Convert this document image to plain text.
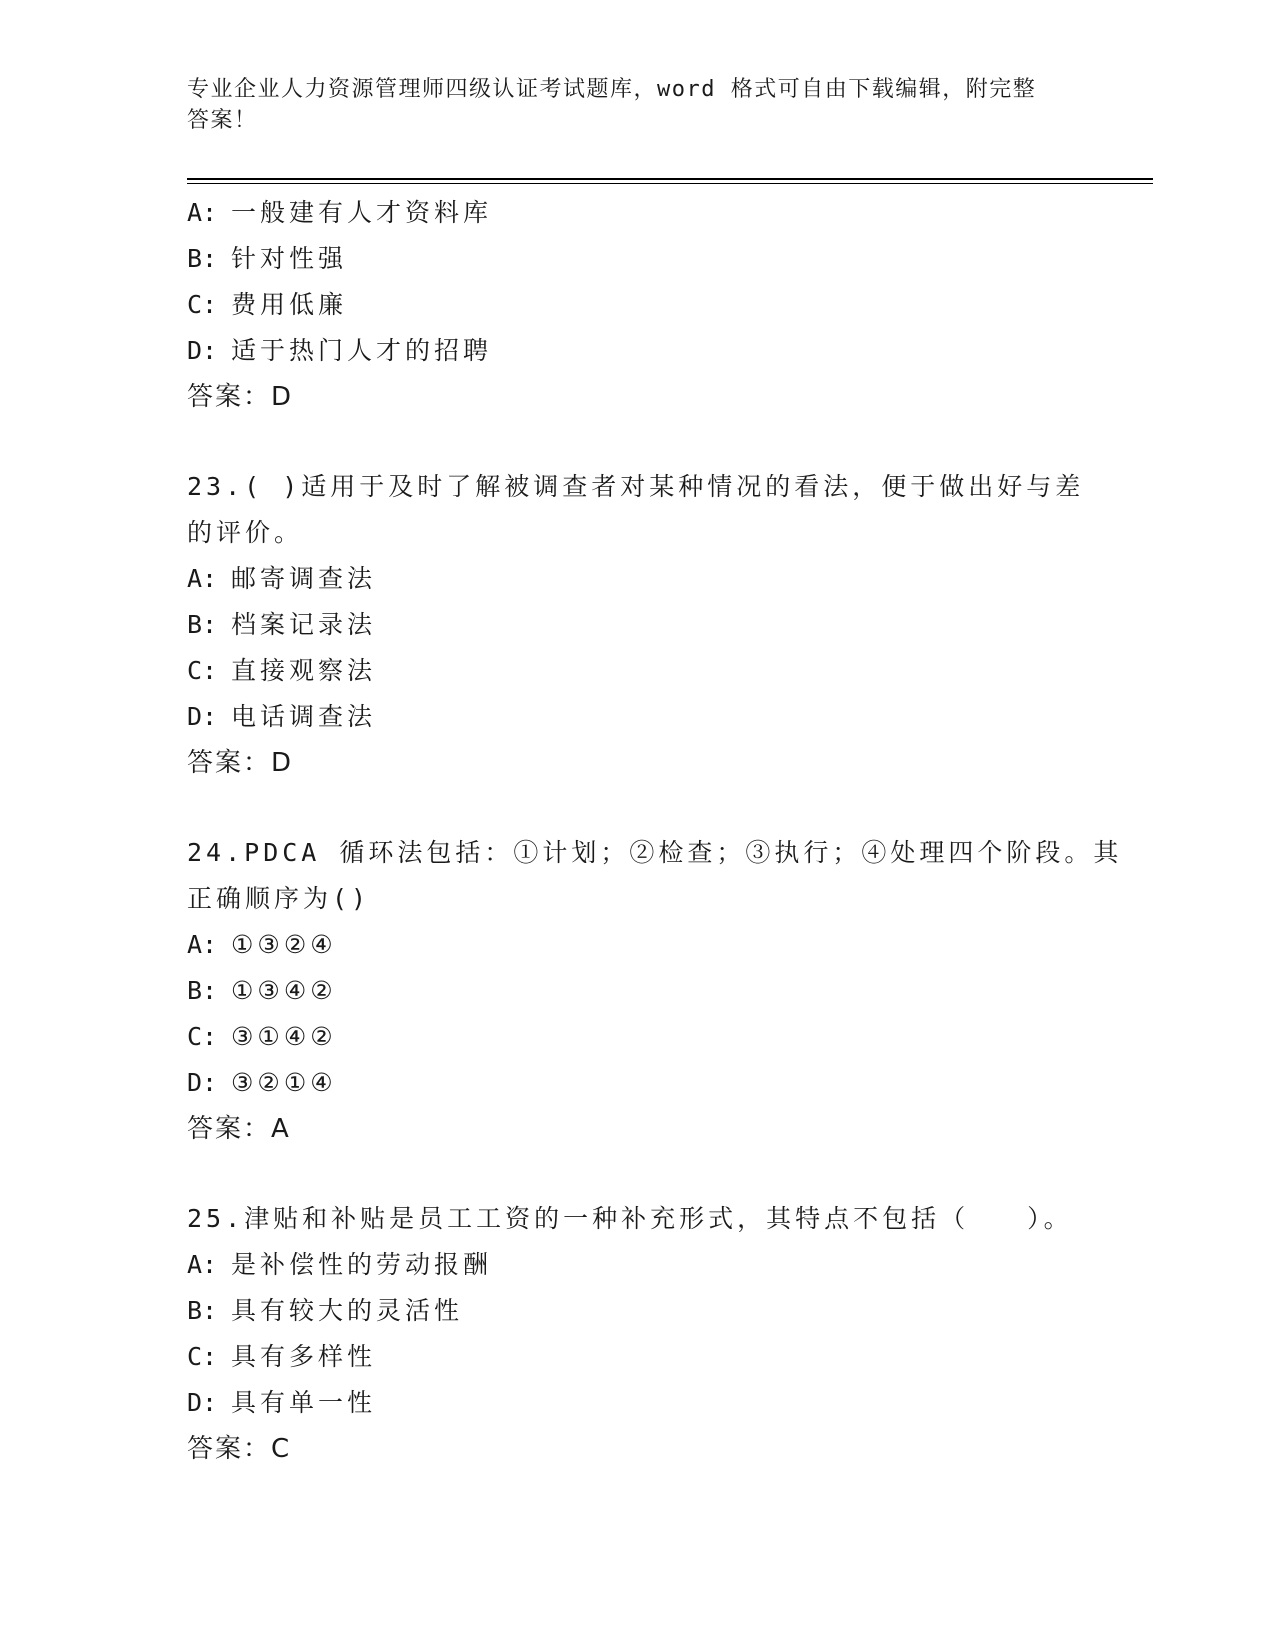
专业企业人力资源管理师四级认证考试题库，word 格式可自由下载编辑，附完整
答案！
A: 一般建有人才资料库
B: 针对性强
C: 费用低廉
D: 适于热门人才的招聘
答案：D
23.( )适用于及时了解被调查者对某种情况的看法，便于做出好与差
的评价。
A: 邮寄调查法
B: 档案记录法
C: 直接观察法
D: 电话调查法
答案：D
24.PDCA 循环法包括：①计划；②检查；③执行；④处理四个阶段。其
正确顺序为()
A: ①③②④
B: ①③④②
C: ③①④②
D: ③②①④
答案：A
25.津贴和补贴是员工工资的一种补充形式，其特点不包括（　　）。
A: 是补偿性的劳动报酬
B: 具有较大的灵活性
C: 具有多样性
D: 具有单一性
答案：C
